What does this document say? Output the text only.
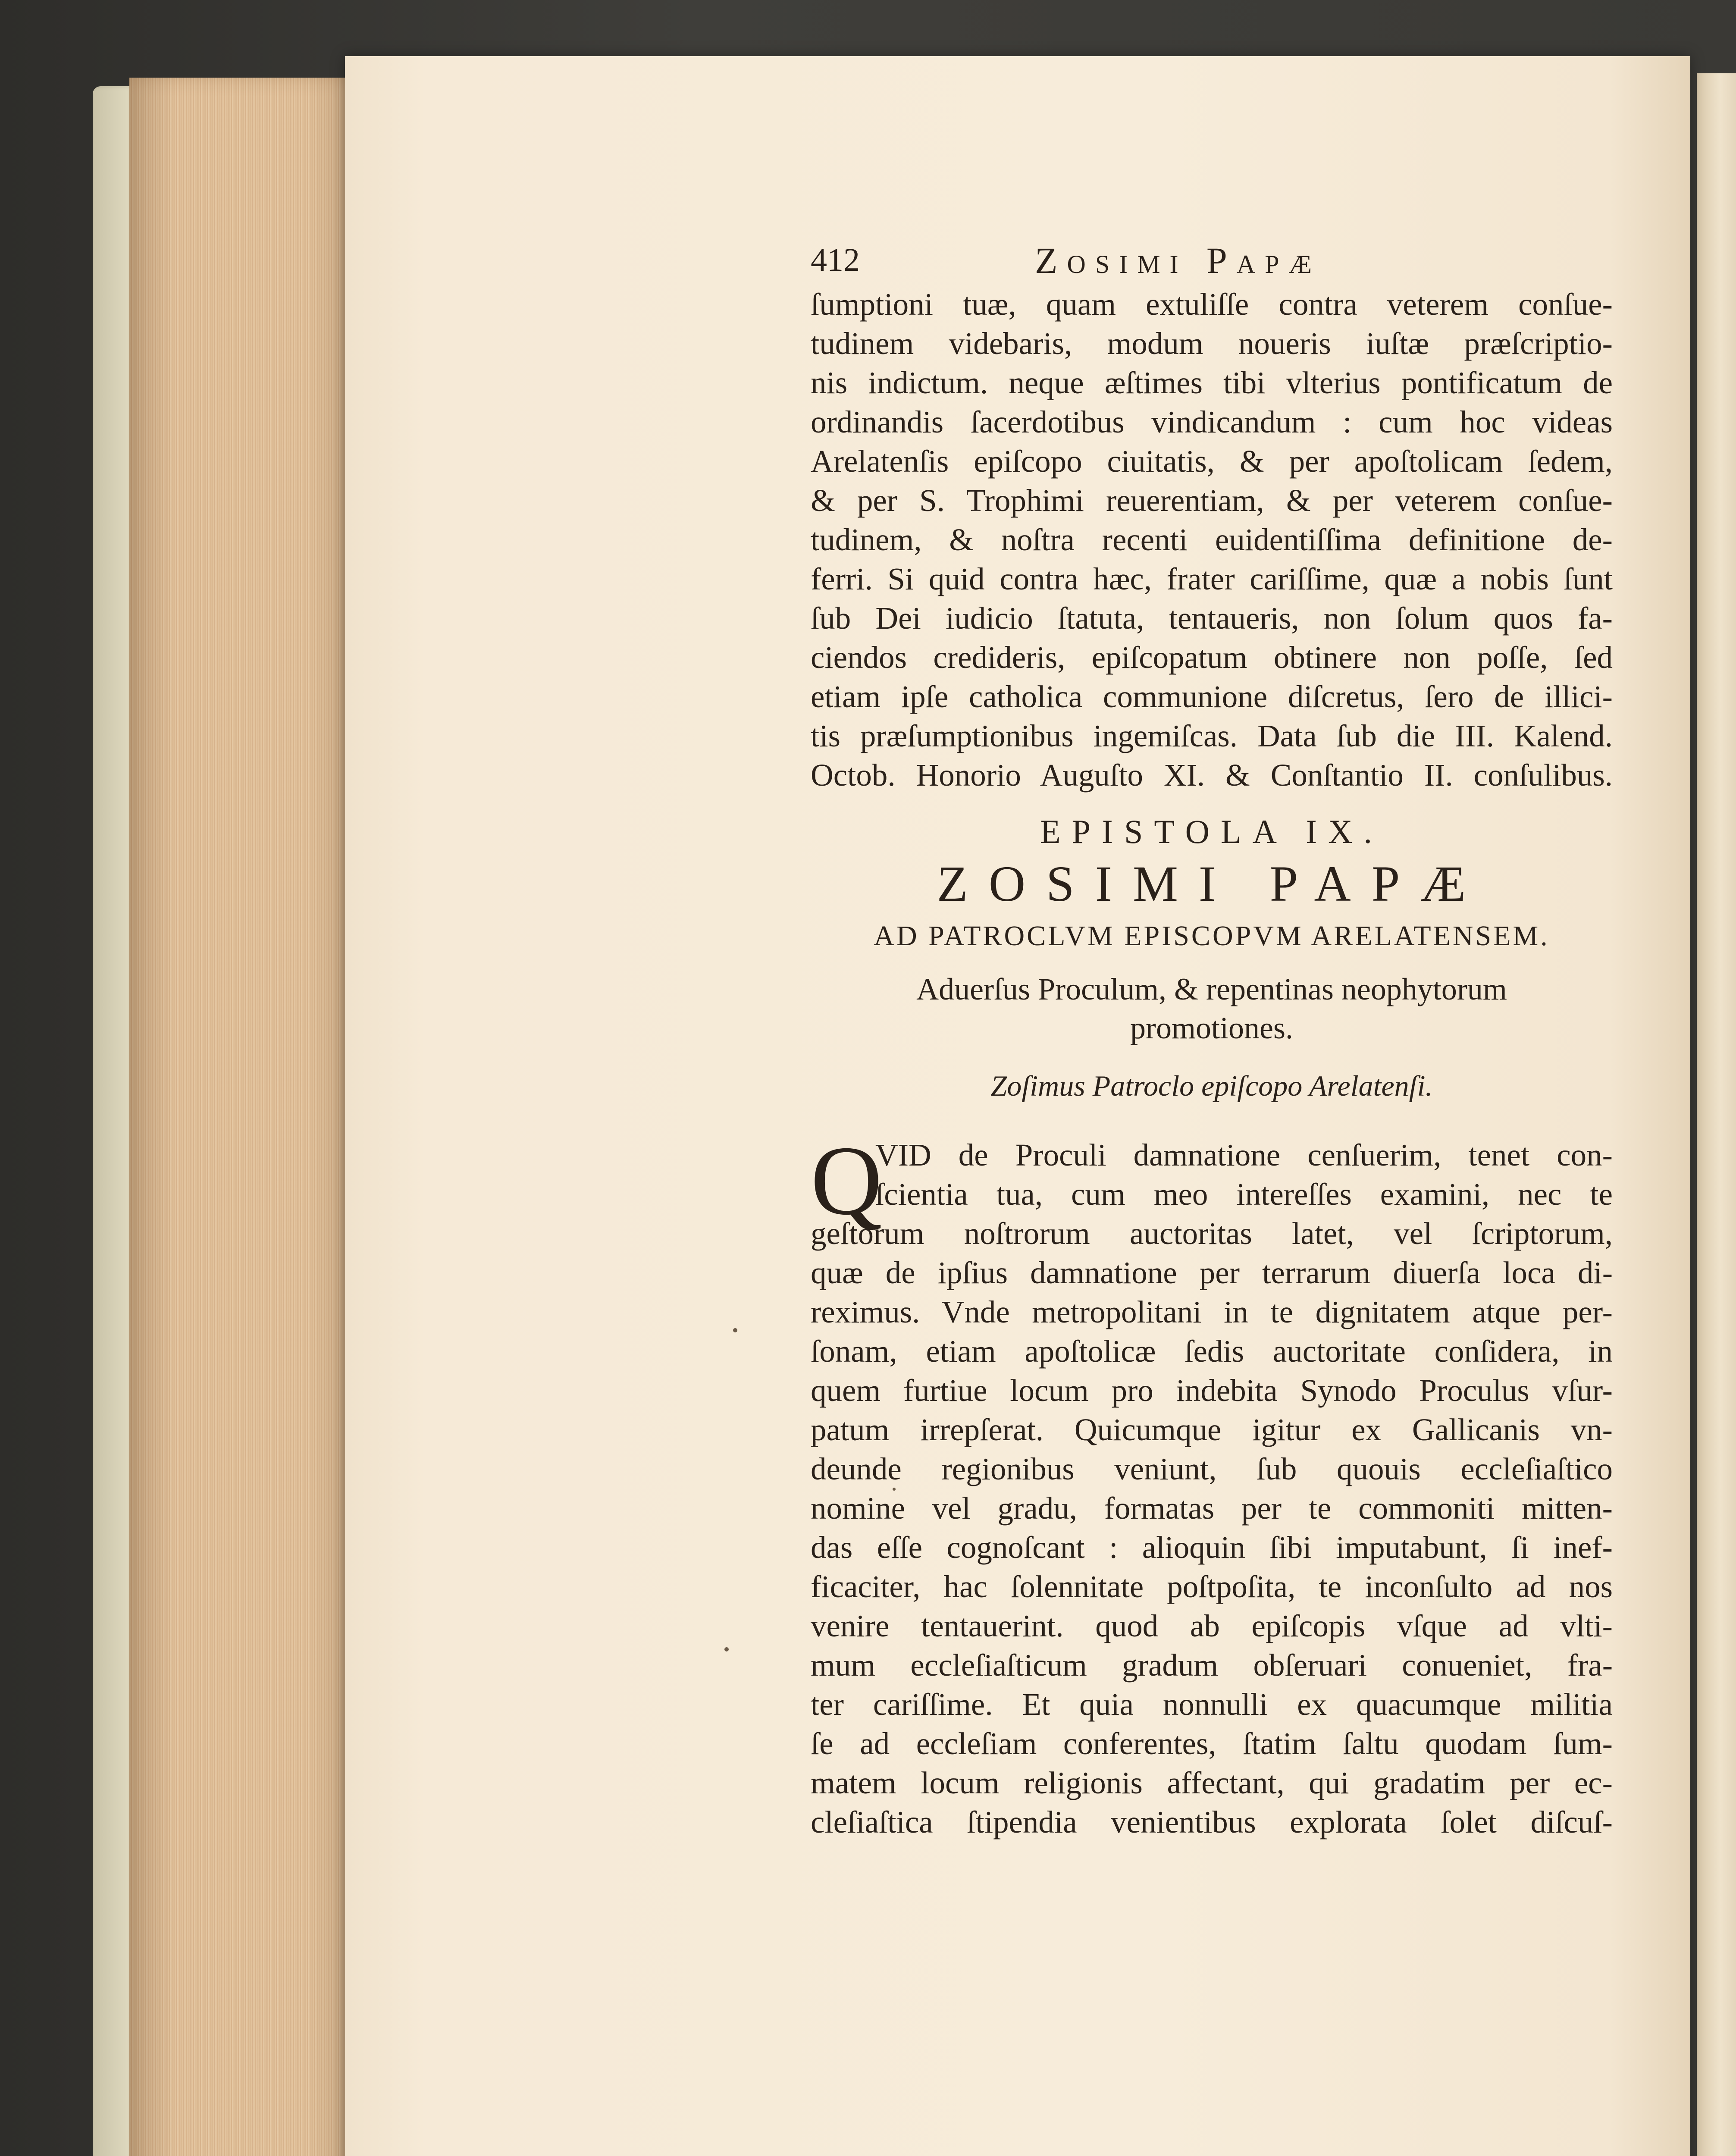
412	Zosimi Papæ
ſumptioni tuæ, quam extuliſſe contra veterem conſue-
tudinem videbaris, modum noueris iuſtæ præſcriptio-
nis indictum. neque æſtimes tibi vlterius pontificatum de
ordinandis ſacerdotibus vindicandum : cum hoc videas
Arelatenſis epiſcopo ciuitatis, & per apoſtolicam ſedem,
& per S. Trophimi reuerentiam, & per veterem conſue-
tudinem, & noſtra recenti euidentiſſima definitione de-
ferri. Si quid contra hæc, frater cariſſime, quæ a nobis ſunt
ſub Dei iudicio ſtatuta, tentaueris, non ſolum quos fa-
ciendos credideris, epiſcopatum obtinere non poſſe, ſed
etiam ipſe catholica communione diſcretus, ſero de illici-
tis præſumptionibus ingemiſcas. Data ſub die III. Kalend.
Octob. Honorio Auguſto XI. & Conſtantio II. conſulibus.
EPISTOLA IX.
ZOSIMI PAPÆ
AD PATROCLVM EPISCOPVM ARELATENSEM.
Aduerſus Proculum, & repentinas neophytorum
promotiones.
Zoſimus Patroclo epiſcopo Arelatenſi.
Q
VID de Proculi damnatione cenſuerim, tenet con-
ſcientia tua, cum meo intereſſes examini, nec te
geſtorum noſtrorum auctoritas latet, vel ſcriptorum,
quæ de ipſius damnatione per terrarum diuerſa loca di-
reximus. Vnde metropolitani in te dignitatem atque per-
ſonam, etiam apoſtolicæ ſedis auctoritate conſidera, in
quem furtiue locum pro indebita Synodo Proculus vſur-
patum irrepſerat. Quicumque igitur ex Gallicanis vn-
deunde regionibus veniunt, ſub quouis eccleſiaſtico
nomine vel gradu, formatas per te commoniti mitten-
das eſſe cognoſcant : alioquin ſibi imputabunt, ſi inef-
ficaciter, hac ſolennitate poſtpoſita, te inconſulto ad nos
venire tentauerint. quod ab epiſcopis vſque ad vlti-
mum eccleſiaſticum gradum obſeruari conueniet, fra-
ter cariſſime. Et quia nonnulli ex quacumque militia
ſe ad eccleſiam conferentes, ſtatim ſaltu quodam ſum-
matem locum religionis affectant, qui gradatim per ec-
cleſiaſtica ſtipendia venientibus explorata ſolet diſcuſ-
